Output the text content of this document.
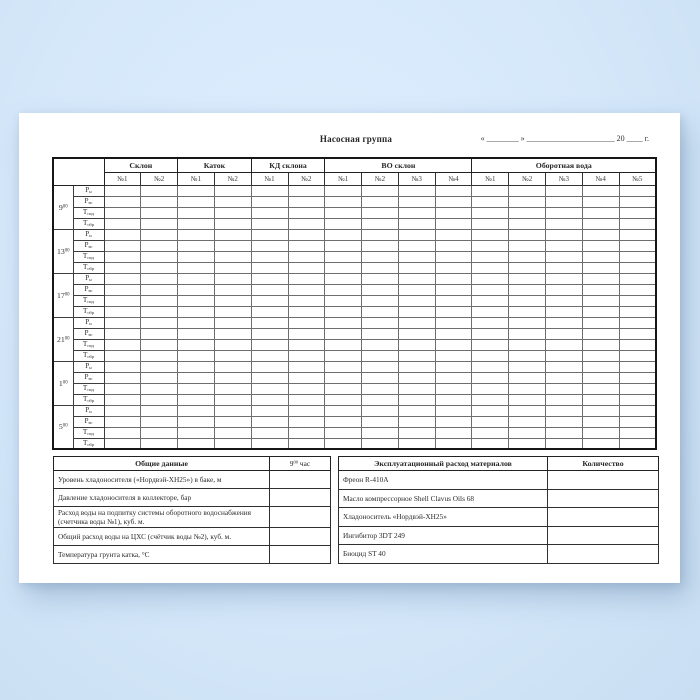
Насосная группа	« ________ » ______________________ 20 ____ г.
		Склон		Каток		КД склона		ВО склон				Оборотная вода				
		№1	№2	№1	№2	№1	№2	№1	№2	№3	№4	№1	№2	№3	№4	№5
$9^{00}$	$Р_н$															
	$Р_{вс}$															
	$Т_{под}$															
	$Т_{обр}$															
$13^{00}$	$Р_н$															
	$Р_{вс}$															
	$Т_{под}$															
	$Т_{обр}$															
$17^{00}$	$Р_н$															
	$Р_{вс}$															
	$Т_{под}$															
	$Т_{обр}$															
$21^{00}$	$Р_н$															
	$Р_{вс}$															
	$Т_{под}$															
	$Т_{обр}$															
$1^{00}$	$Р_н$															
	$Р_{вс}$															
	$Т_{под}$															
	$Т_{обр}$															
$5^{00}$	$Р_н$															
	$Р_{вс}$															
	$Т_{под}$															
	$Т_{обр}$															
Общие данные	$9^{00}$ час
Уровень хладоносителя («Нордвэй-ХН25») в баке, м	
Давление хладоносителя в коллекторе, бар	
Расход воды на подпитку системы оборотного водоснабжения (счетчика воды №1), куб. м.	
Общий расход воды на ЦХС (счётчик воды №2), куб. м.	
Температура грунта катка, °С	
Эксплуатационный расход материалов	Количество
Фреон R-410A	
Масло компрессорное Shell Clavus Oils 68	
Хладоноситель «Нордвэй-ХН25»	
Ингибитор 3DT 249	
Биоцид ST 40	
